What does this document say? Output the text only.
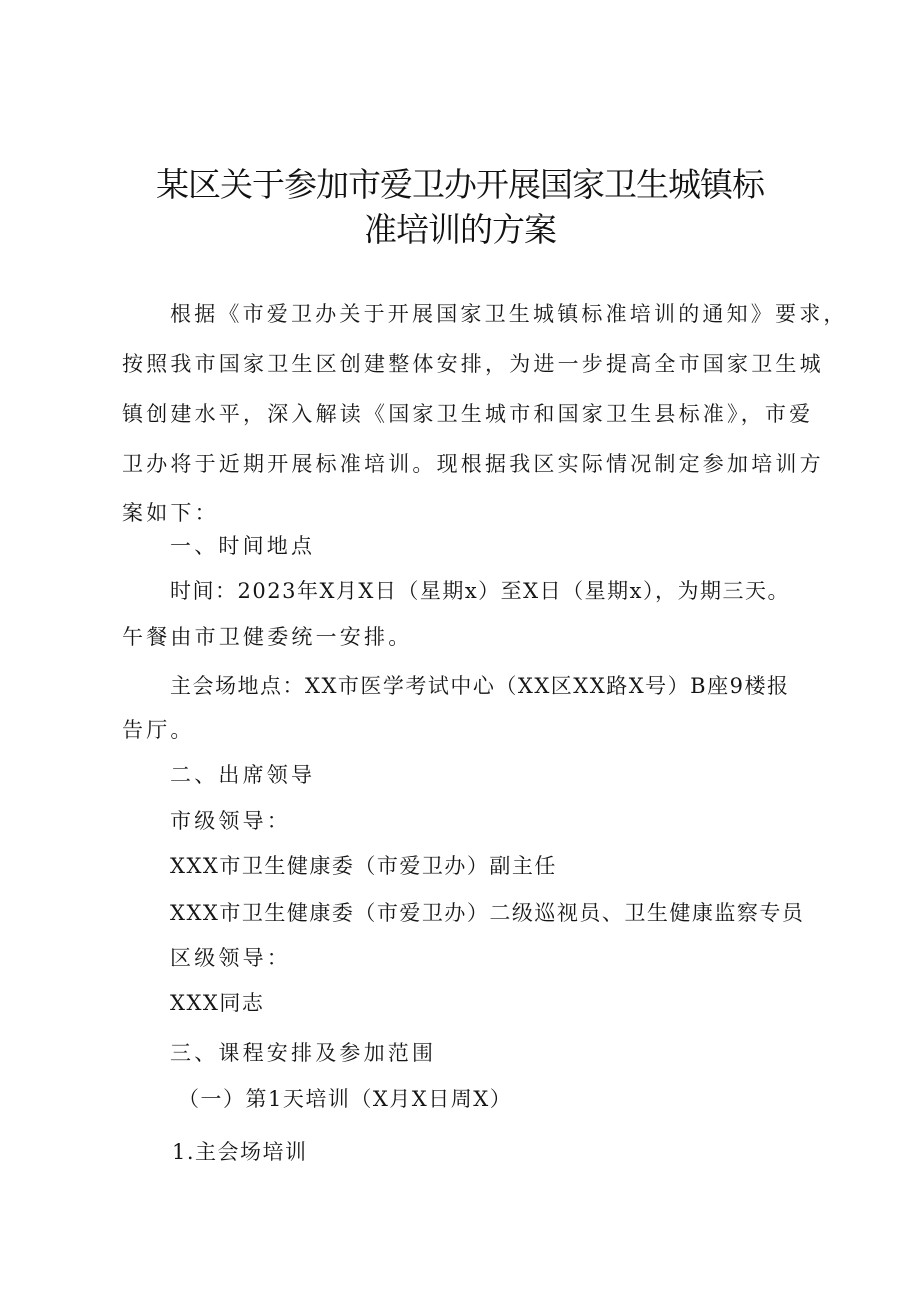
某区关于参加市爱卫办开展国家卫生城镇标
准培训的方案
根据《市爱卫办关于开展国家卫生城镇标准培训的通知》要求，
按照我市国家卫生区创建整体安排，为进一步提高全市国家卫生城
镇创建水平，深入解读《国家卫生城市和国家卫生县标准》，市爱
卫办将于近期开展标准培训。现根据我区实际情况制定参加培训方
案如下：
一、时间地点
时间：2023年X月X日（星期x）至X日（星期x），为期三天。
午餐由市卫健委统一安排。
主会场地点：XX市医学考试中心（XX区XX路X号）B座9楼报
告厅。
二、出席领导
市级领导：
XXX市卫生健康委（市爱卫办）副主任
XXX市卫生健康委（市爱卫办）二级巡视员、卫生健康监察专员
区级领导：
XXX同志
三、课程安排及参加范围
（一）第1天培训（X月X日周X）
1.主会场培训
